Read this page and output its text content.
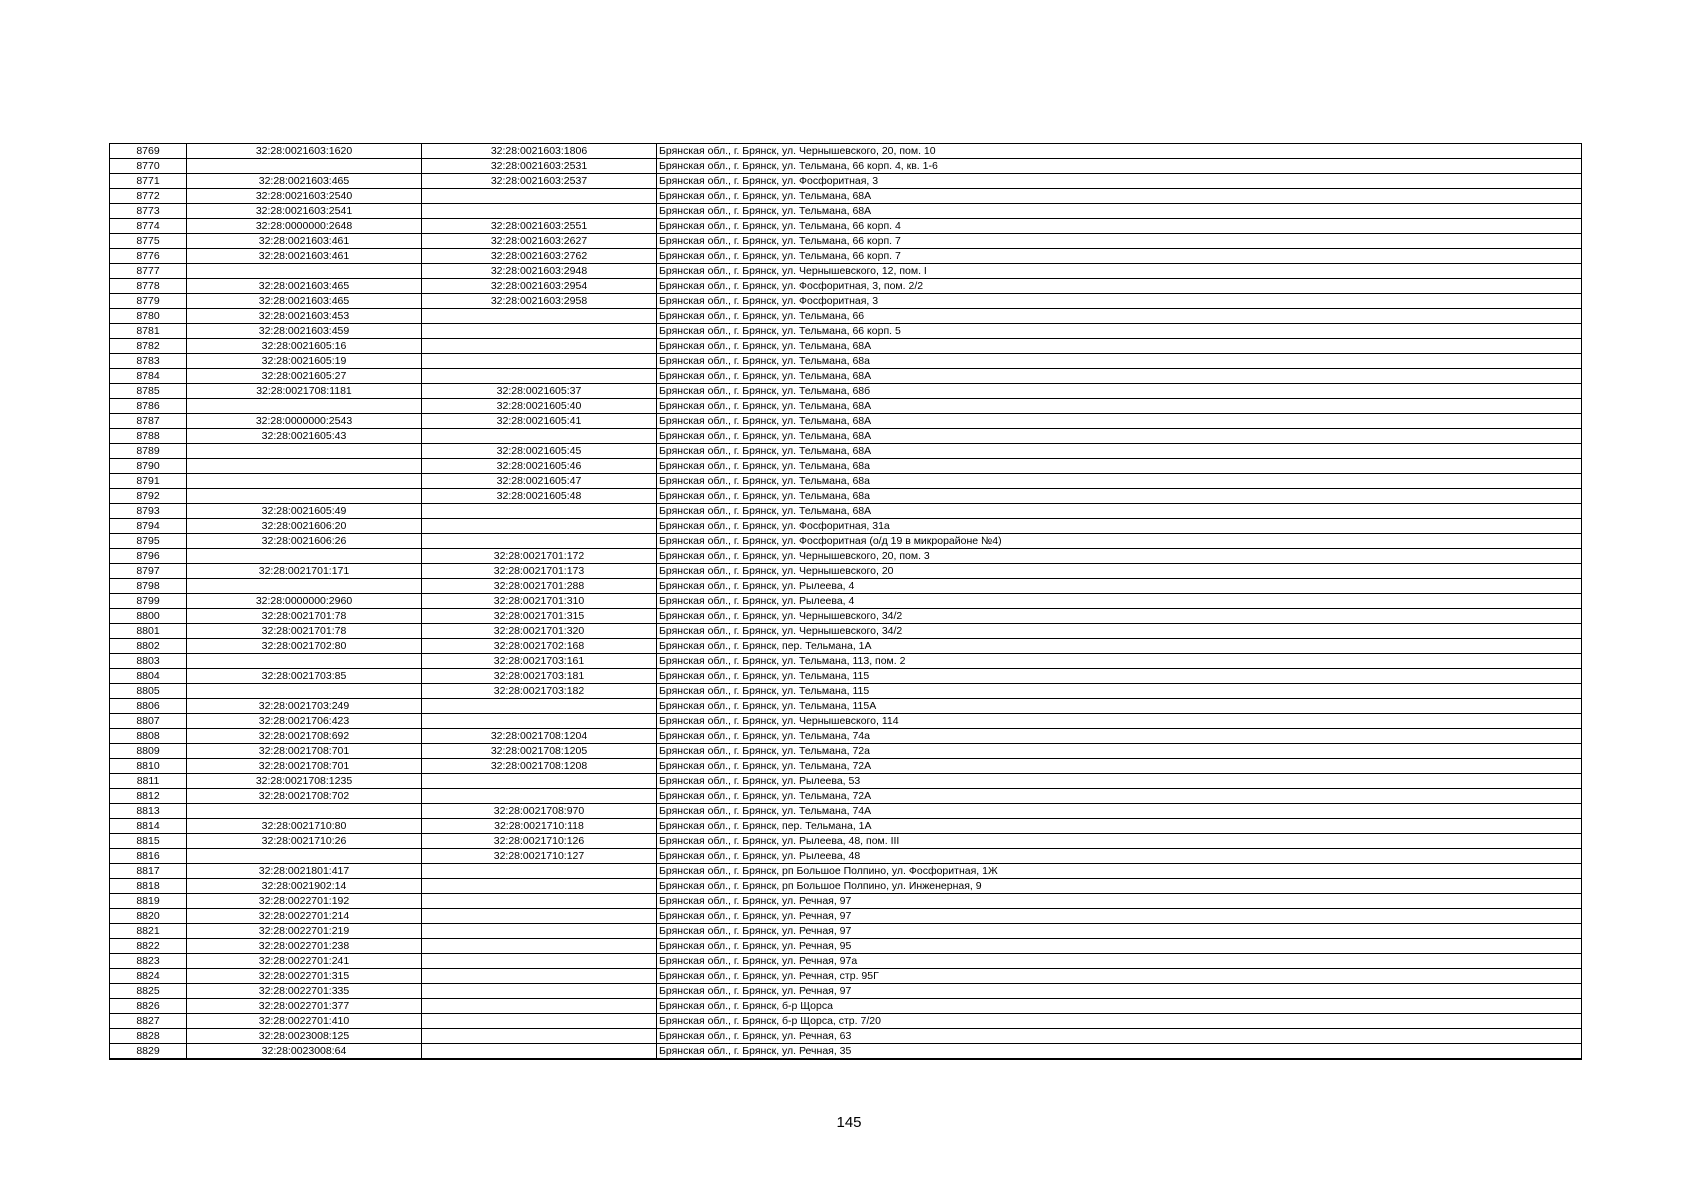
8769	32:28:0021603:1620	32:28:0021603:1806	Брянская обл., г. Брянск, ул. Чернышевского, 20, пом. 10
8770		32:28:0021603:2531	Брянская обл., г. Брянск, ул. Тельмана, 66 корп. 4, кв. 1-6
8771	32:28:0021603:465	32:28:0021603:2537	Брянская обл., г. Брянск, ул. Фосфоритная, 3
8772	32:28:0021603:2540		Брянская обл., г. Брянск, ул. Тельмана, 68А
8773	32:28:0021603:2541		Брянская обл., г. Брянск, ул. Тельмана, 68А
8774	32:28:0000000:2648	32:28:0021603:2551	Брянская обл., г. Брянск, ул. Тельмана, 66 корп. 4
8775	32:28:0021603:461	32:28:0021603:2627	Брянская обл., г. Брянск, ул. Тельмана, 66 корп. 7
8776	32:28:0021603:461	32:28:0021603:2762	Брянская обл., г. Брянск, ул. Тельмана, 66 корп. 7
8777		32:28:0021603:2948	Брянская обл., г. Брянск, ул. Чернышевского, 12, пом. I
8778	32:28:0021603:465	32:28:0021603:2954	Брянская обл., г. Брянск, ул. Фосфоритная, 3, пом. 2/2
8779	32:28:0021603:465	32:28:0021603:2958	Брянская обл., г. Брянск, ул. Фосфоритная, 3
8780	32:28:0021603:453		Брянская обл., г. Брянск, ул. Тельмана, 66
8781	32:28:0021603:459		Брянская обл., г. Брянск, ул. Тельмана, 66 корп. 5
8782	32:28:0021605:16		Брянская обл., г. Брянск, ул. Тельмана, 68А
8783	32:28:0021605:19		Брянская обл., г. Брянск, ул. Тельмана, 68а
8784	32:28:0021605:27		Брянская обл., г. Брянск, ул. Тельмана, 68А
8785	32:28:0021708:1181	32:28:0021605:37	Брянская обл., г. Брянск, ул. Тельмана, 68б
8786		32:28:0021605:40	Брянская обл., г. Брянск, ул. Тельмана, 68А
8787	32:28:0000000:2543	32:28:0021605:41	Брянская обл., г. Брянск, ул. Тельмана, 68А
8788	32:28:0021605:43		Брянская обл., г. Брянск, ул. Тельмана, 68А
8789		32:28:0021605:45	Брянская обл., г. Брянск, ул. Тельмана, 68А
8790		32:28:0021605:46	Брянская обл., г. Брянск, ул. Тельмана, 68а
8791		32:28:0021605:47	Брянская обл., г. Брянск, ул. Тельмана, 68а
8792		32:28:0021605:48	Брянская обл., г. Брянск, ул. Тельмана, 68а
8793	32:28:0021605:49		Брянская обл., г. Брянск, ул. Тельмана, 68А
8794	32:28:0021606:20		Брянская обл., г. Брянск, ул. Фосфоритная, 31а
8795	32:28:0021606:26		Брянская обл., г. Брянск, ул. Фосфоритная (о/д 19 в микрорайоне №4)
8796		32:28:0021701:172	Брянская обл., г. Брянск, ул. Чернышевского, 20, пом. 3
8797	32:28:0021701:171	32:28:0021701:173	Брянская обл., г. Брянск, ул. Чернышевского, 20
8798		32:28:0021701:288	Брянская обл., г. Брянск, ул. Рылеева, 4
8799	32:28:0000000:2960	32:28:0021701:310	Брянская обл., г. Брянск, ул. Рылеева, 4
8800	32:28:0021701:78	32:28:0021701:315	Брянская обл., г. Брянск, ул. Чернышевского, 34/2
8801	32:28:0021701:78	32:28:0021701:320	Брянская обл., г. Брянск, ул. Чернышевского, 34/2
8802	32:28:0021702:80	32:28:0021702:168	Брянская обл., г. Брянск, пер. Тельмана, 1А
8803		32:28:0021703:161	Брянская обл., г. Брянск, ул. Тельмана, 113, пом. 2
8804	32:28:0021703:85	32:28:0021703:181	Брянская обл., г. Брянск, ул. Тельмана, 115
8805		32:28:0021703:182	Брянская обл., г. Брянск, ул. Тельмана, 115
8806	32:28:0021703:249		Брянская обл., г. Брянск, ул. Тельмана, 115А
8807	32:28:0021706:423		Брянская обл., г. Брянск, ул. Чернышевского, 114
8808	32:28:0021708:692	32:28:0021708:1204	Брянская обл., г. Брянск, ул. Тельмана, 74а
8809	32:28:0021708:701	32:28:0021708:1205	Брянская обл., г. Брянск, ул. Тельмана, 72а
8810	32:28:0021708:701	32:28:0021708:1208	Брянская обл., г. Брянск, ул. Тельмана, 72А
8811	32:28:0021708:1235		Брянская обл., г. Брянск, ул. Рылеева, 53
8812	32:28:0021708:702		Брянская обл., г. Брянск, ул. Тельмана, 72А
8813		32:28:0021708:970	Брянская обл., г. Брянск, ул. Тельмана, 74А
8814	32:28:0021710:80	32:28:0021710:118	Брянская обл., г. Брянск, пер. Тельмана, 1А
8815	32:28:0021710:26	32:28:0021710:126	Брянская обл., г. Брянск, ул. Рылеева, 48, пом. III
8816		32:28:0021710:127	Брянская обл., г. Брянск, ул. Рылеева, 48
8817	32:28:0021801:417		Брянская обл., г. Брянск, рп Большое Полпино, ул. Фосфоритная, 1Ж
8818	32:28:0021902:14		Брянская обл., г. Брянск, рп Большое Полпино, ул. Инженерная, 9
8819	32:28:0022701:192		Брянская обл., г. Брянск, ул. Речная, 97
8820	32:28:0022701:214		Брянская обл., г. Брянск, ул. Речная, 97
8821	32:28:0022701:219		Брянская обл., г. Брянск, ул. Речная, 97
8822	32:28:0022701:238		Брянская обл., г. Брянск, ул. Речная, 95
8823	32:28:0022701:241		Брянская обл., г. Брянск, ул. Речная, 97а
8824	32:28:0022701:315		Брянская обл., г. Брянск, ул. Речная, стр. 95Г
8825	32:28:0022701:335		Брянская обл., г. Брянск, ул. Речная, 97
8826	32:28:0022701:377		Брянская обл., г. Брянск, б-р Щорса
8827	32:28:0022701:410		Брянская обл., г. Брянск, б-р Щорса, стр. 7/20
8828	32:28:0023008:125		Брянская обл., г. Брянск, ул. Речная, 63
8829	32:28:0023008:64		Брянская обл., г. Брянск, ул. Речная, 35
145
